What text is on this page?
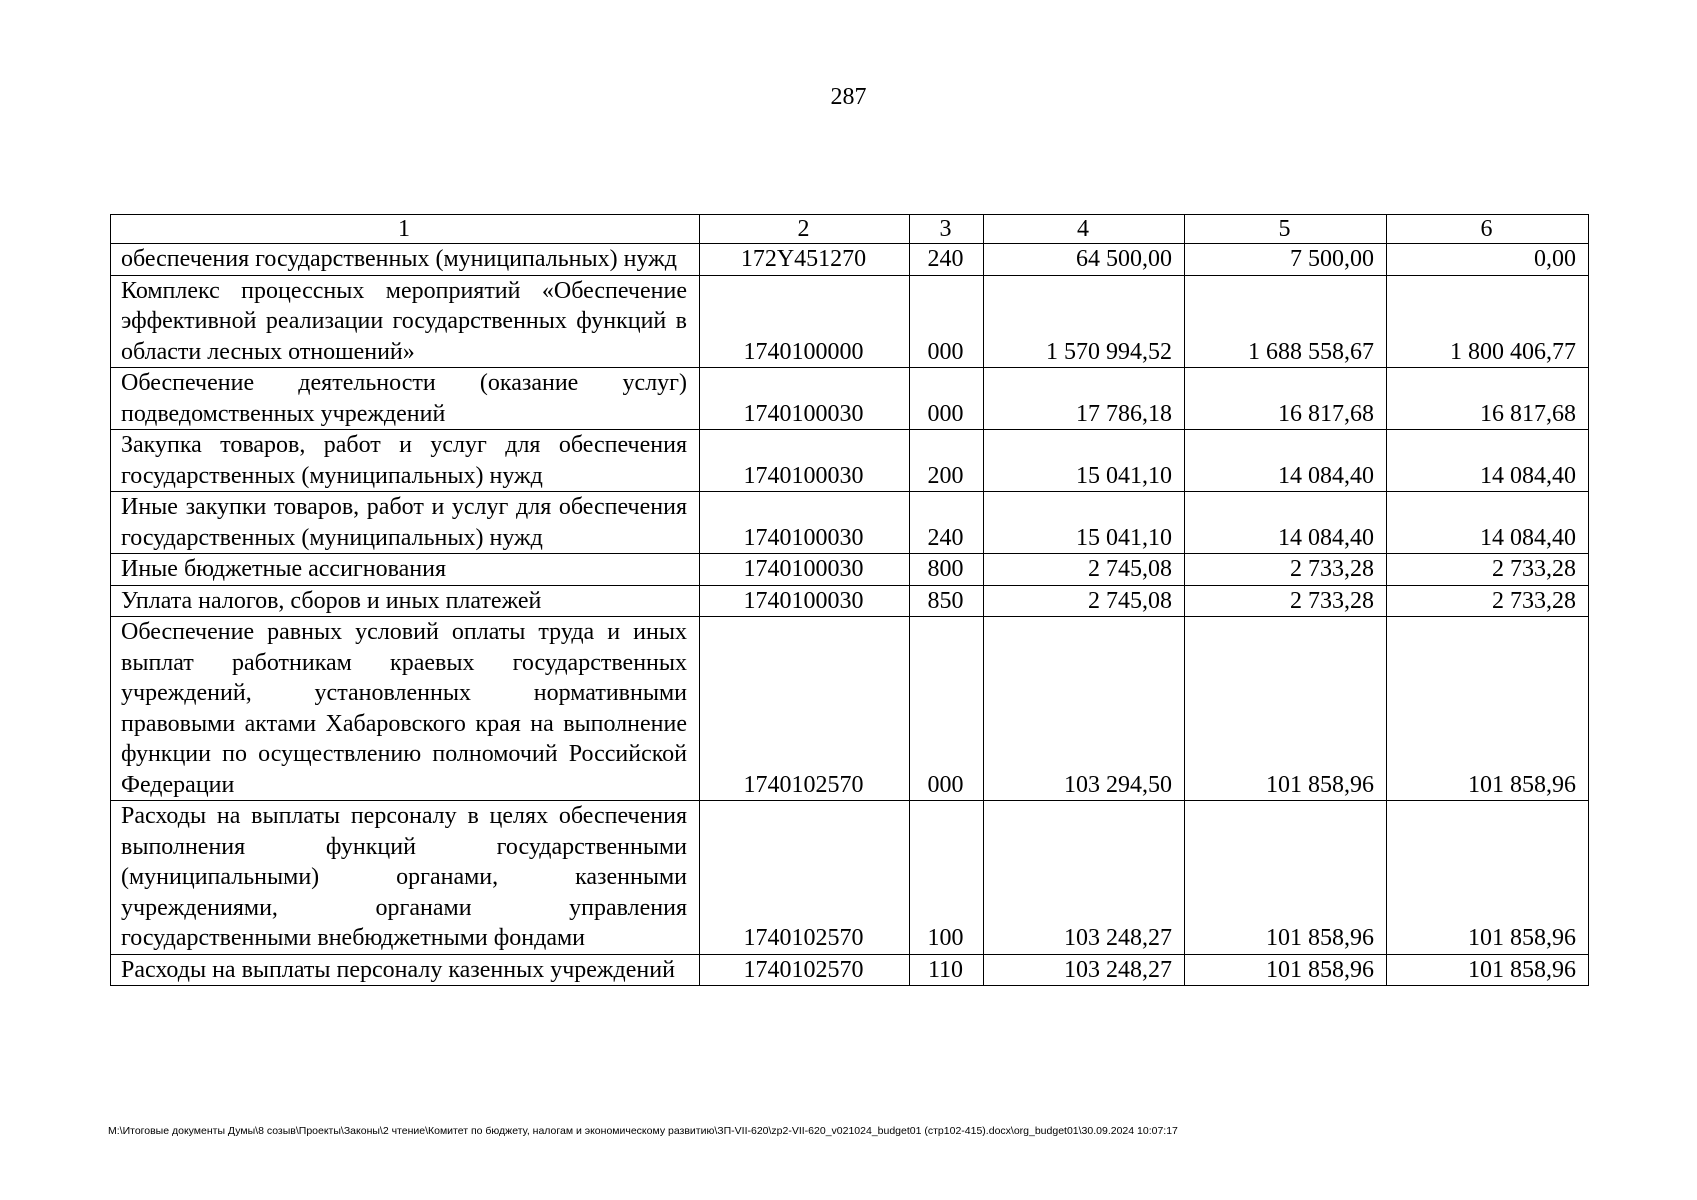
287
1	2	3	4	5	6
обеспечения государственных (муниципальных) нужд	172Y451270	240	64 500,00	7 500,00	0,00
Комплекс процессных мероприятий «Обеспечение эффективной реализации государственных функций в области лесных отношений»	1740100000	000	1 570 994,52	1 688 558,67	1 800 406,77
Обеспечение деятельности (оказание услуг) подведомственных учреждений	1740100030	000	17 786,18	16 817,68	16 817,68
Закупка товаров, работ и услуг для обеспечения государственных (муниципальных) нужд	1740100030	200	15 041,10	14 084,40	14 084,40
Иные закупки товаров, работ и услуг для обеспечения государственных (муниципальных) нужд	1740100030	240	15 041,10	14 084,40	14 084,40
Иные бюджетные ассигнования	1740100030	800	2 745,08	2 733,28	2 733,28
Уплата налогов, сборов и иных платежей	1740100030	850	2 745,08	2 733,28	2 733,28
Обеспечение равных условий оплаты труда и иных выплат работникам краевых государственных учреждений, установленных нормативными правовыми актами Хабаровского края на выполнение функции по осуществлению полномочий Российской Федерации	1740102570	000	103 294,50	101 858,96	101 858,96
Расходы на выплаты персоналу в целях обеспечения выполнения функций государственными (муниципальными) органами, казенными учреждениями, органами управления государственными внебюджетными фондами	1740102570	100	103 248,27	101 858,96	101 858,96
Расходы на выплаты персоналу казенных учреждений	1740102570	110	103 248,27	101 858,96	101 858,96
M:\Итоговые документы Думы\8 созыв\Проекты\Законы\2 чтение\Комитет по бюджету, налогам и экономическому развитию\ЗП-VII-620\zp2-VII-620_v021024_budget01 (стр102-415).docx\org_budget01\30.09.2024 10:07:17
